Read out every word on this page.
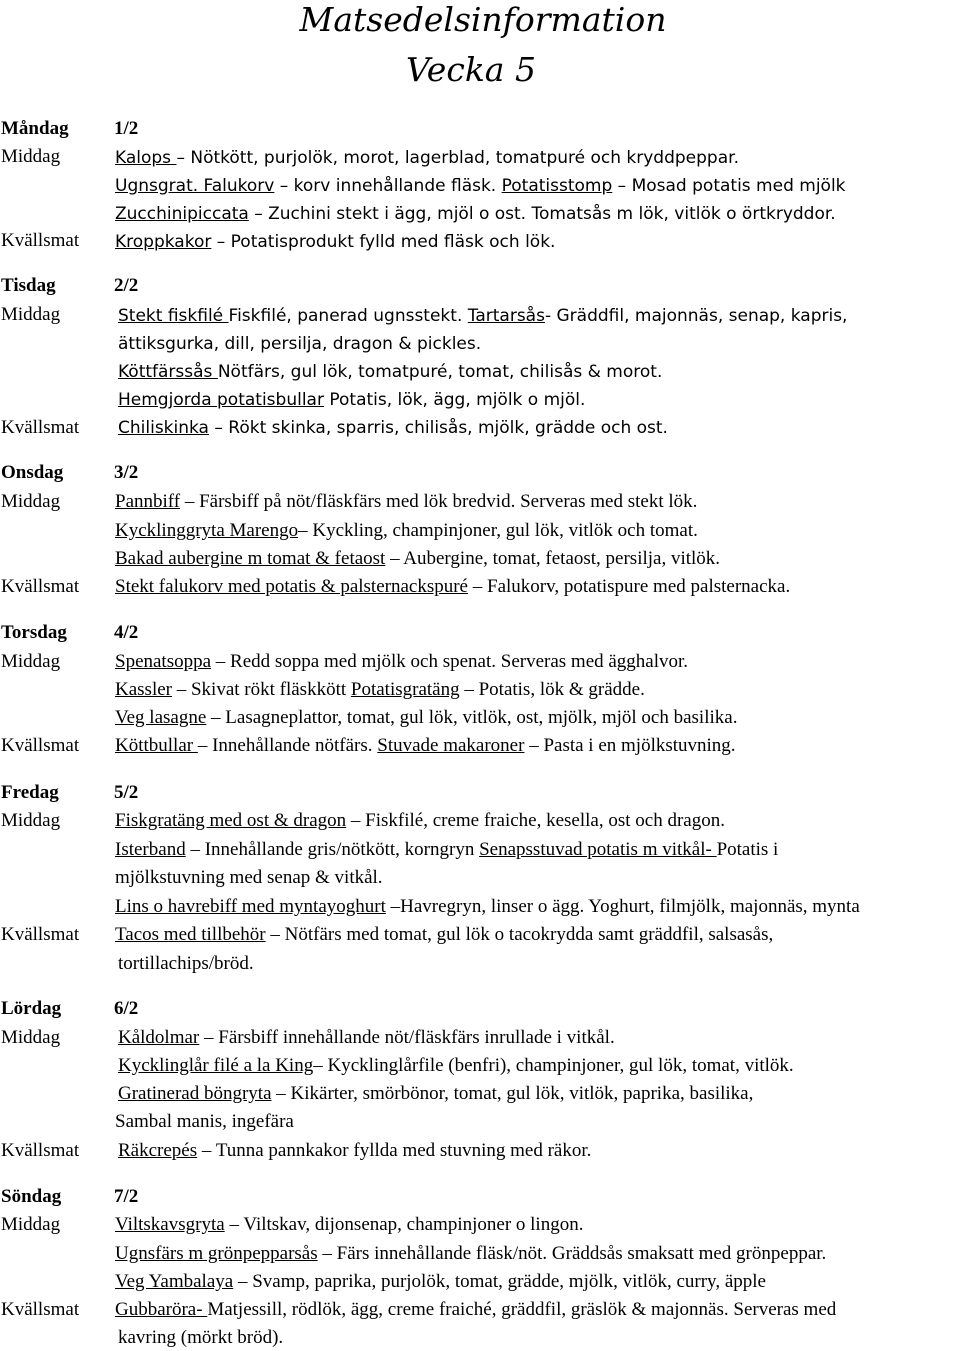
Matsedelsinformation
Vecka 5
Måndag 1/2
Middag	Kalops – Nötkött, purjolök, morot, lagerblad, tomatpuré och kryddpeppar.
Ugnsgrat. Falukorv – korv innehållande fläsk. Potatisstomp – Mosad potatis med mjölk
Zucchinipiccata – Zuchini stekt i ägg, mjöl o ost. Tomatsås m lök, vitlök o örtkryddor.
Kvällsmat Kroppkakor – Potatisprodukt fylld med fläsk och lök.
Tisdag	2/2
Middag	Stekt fiskfilé Fiskfilé, panerad ugnsstekt. Tartarsås- Gräddfil, majonnäs, senap, kapris,
ättiksgurka, dill, persilja, dragon & pickles.
Köttfärssås Nötfärs, gul lök, tomatpuré, tomat, chilisås & morot.
Hemgjorda potatisbullar Potatis, lök, ägg, mjölk o mjöl.
Kvällsmat Chiliskinka – Rökt skinka, sparris, chilisås, mjölk, grädde och ost.
Onsdag	3/2
Middag	Pannbiff – Färsbiff på nöt/fläskfärs med lök bredvid. Serveras med stekt lök.
Kycklinggryta Marengo– Kyckling, champinjoner, gul lök, vitlök och tomat.
Bakad aubergine m tomat & fetaost – Aubergine, tomat, fetaost, persilja, vitlök.
Kvällsmat Stekt falukorv med potatis & palsternackspuré – Falukorv, potatispure med palsternacka.
Torsdag 4/2
Middag	Spenatsoppa – Redd soppa med mjölk och spenat. Serveras med ägghalvor.
Kassler – Skivat rökt fläskkött Potatisgratäng – Potatis, lök & grädde.
Veg lasagne – Lasagneplattor, tomat, gul lök, vitlök, ost, mjölk, mjöl och basilika.
Kvällsmat Köttbullar – Innehållande nötfärs. Stuvade makaroner – Pasta i en mjölkstuvning.
Fredag	5/2
Middag	Fiskgratäng med ost & dragon – Fiskfilé, creme fraiche, kesella, ost och dragon.
Isterband – Innehållande gris/nötkött, korngryn Senapsstuvad potatis m vitkål- Potatis i
mjölkstuvning med senap & vitkål.
Lins o havrebiff med myntayoghurt –Havregryn, linser o ägg. Yoghurt, filmjölk, majonnäs, mynta
Kvällsmat Tacos med tillbehör – Nötfärs med tomat, gul lök o tacokrydda samt gräddfil, salsasås,
tortillachips/bröd.
Lördag	6/2
Middag	Kåldolmar – Färsbiff innehållande nöt/fläskfärs inrullade i vitkål.
Kycklinglår filé a la King– Kycklinglårfile (benfri), champinjoner, gul lök, tomat, vitlök.
Gratinerad böngryta – Kikärter, smörbönor, tomat, gul lök, vitlök, paprika, basilika,
Sambal manis, ingefära
Kvällsmat Räkcrepés – Tunna pannkakor fyllda med stuvning med räkor.
Söndag	7/2
Middag	Viltskavsgryta – Viltskav, dijonsenap, champinjoner o lingon.
Ugnsfärs m grönpepparsås – Färs innehållande fläsk/nöt. Gräddsås smaksatt med grönpeppar.
Veg Yambalaya – Svamp, paprika, purjolök, tomat, grädde, mjölk, vitlök, curry, äpple
Kvällsmat Gubbaröra- Matjessill, rödlök, ägg, creme fraiché, gräddfil, gräslök & majonnäs. Serveras med
kavring (mörkt bröd).
